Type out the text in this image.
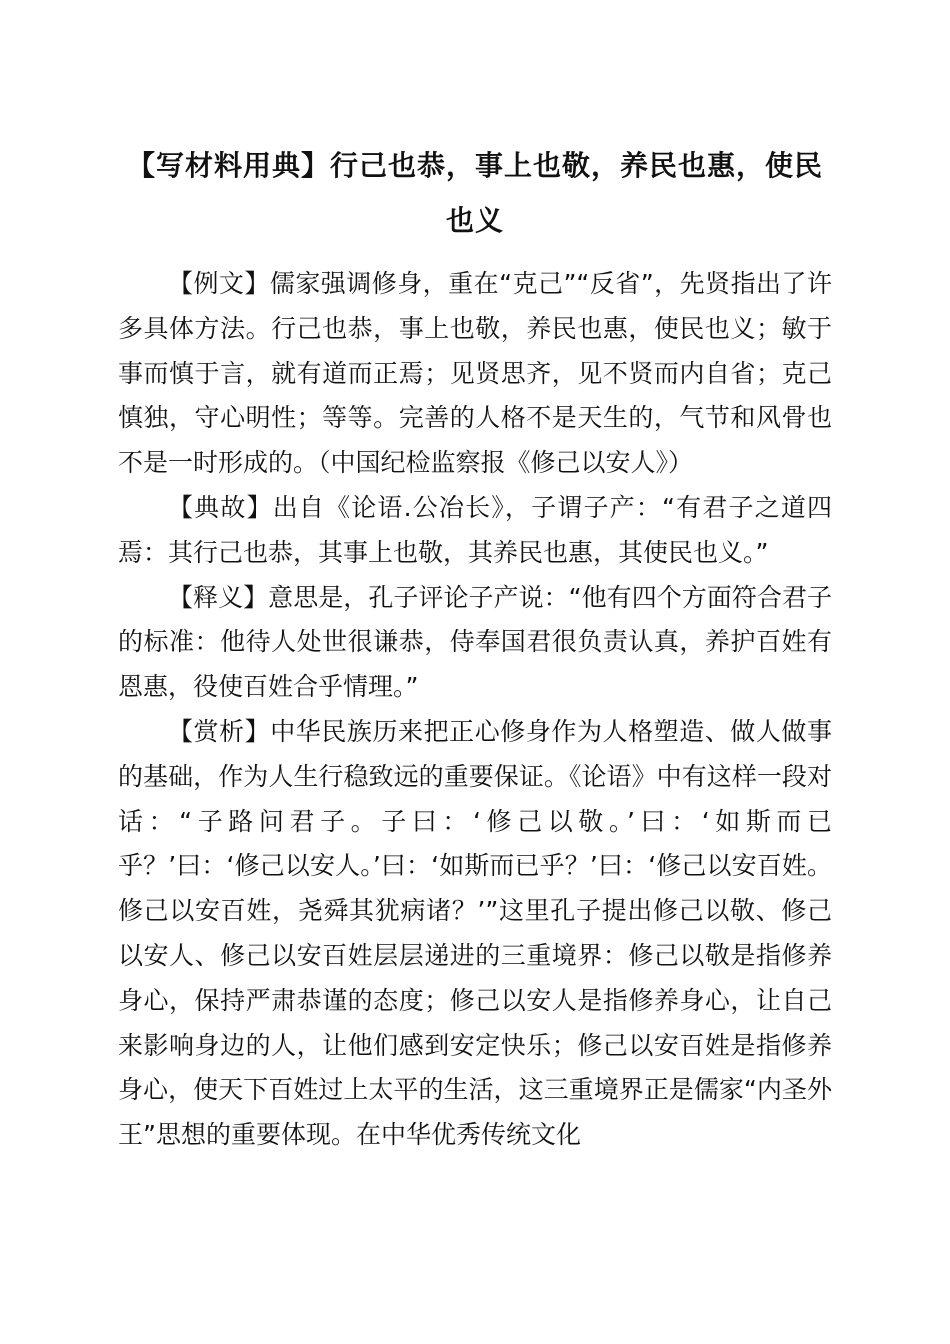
【写材料用典】行己也恭，事上也敬，养民也惠，使民也义

【例文】儒家强调修身，重在“克己”“反省”，先贤指出了许多具体方法。行己也恭，事上也敬，养民也惠，使民也义；敏于事而慎于言，就有道而正焉；见贤思齐，见不贤而内自省；克己慎独，守心明性；等等。完善的人格不是天生的，气节和风骨也不是一时形成的。（中国纪检监察报《修己以安人》）

【典故】出自《论语.公冶长》，子谓子产：“有君子之道四焉：其行己也恭，其事上也敬，其养民也惠，其使民也义。”

【释义】意思是，孔子评论子产说：“他有四个方面符合君子的标准：他待人处世很谦恭，侍奉国君很负责认真，养护百姓有恩惠，役使百姓合乎情理。”

【赏析】中华民族历来把正心修身作为人格塑造、做人做事的基础，作为人生行稳致远的重要保证。《论语》中有这样一段对话：“子路问君子。子曰：‘修己以敬。’曰：‘如斯而已乎？’曰：‘修己以安人。’曰：‘如斯而已乎？’曰：‘修己以安百姓。修己以安百姓，尧舜其犹病诸？’”这里孔子提出修己以敬、修己以安人、修己以安百姓层层递进的三重境界：修己以敬是指修养身心，保持严肃恭谨的态度；修己以安人是指修养身心，让自己来影响身边的人，让他们感到安定快乐；修己以安百姓是指修养身心，使天下百姓过上太平的生活，这三重境界正是儒家“内圣外王”思想的重要体现。在中华优秀传统文化
